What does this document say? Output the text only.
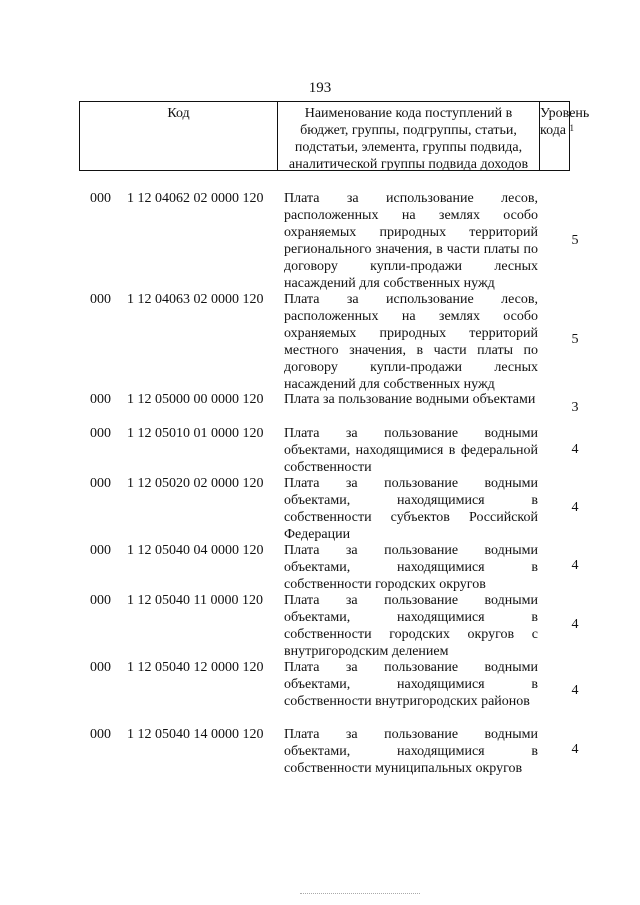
193
Код	Наименование кода поступлений в
бюджет, группы, подгруппы, статьи,
подстатьи, элемента, группы подвида,
аналитической группы подвида доходов
Уровень
кода $^1$
000 1 12 04062 02 0000 120 Плата за использование лесов, расположенных на землях особо охраняемых природных территорий регионального значения, в части платы по договору купли-продажи лесных насаждений для собственных нужд
5
000 1 12 04063 02 0000 120 Плата за использование лесов, расположенных на землях особо охраняемых природных территорий местного значения, в части платы по договору купли-продажи лесных насаждений для собственных нужд
5
000 1 12 05000 00 0000 120 Плата за пользование водными объектами
3
000 1 12 05010 01 0000 120 Плата за пользование водными объектами, находящимися в федеральной собственности
4
000 1 12 05020 02 0000 120 Плата за пользование водными объектами, находящимися в собственности субъектов Российской Федерации
4
000 1 12 05040 04 0000 120 Плата за пользование водными объектами, находящимися в собственности городских округов
4
000 1 12 05040 11 0000 120 Плата за пользование водными объектами, находящимися в собственности городских округов с внутригородским делением
4
000 1 12 05040 12 0000 120 Плата за пользование водными объектами, находящимися в собственности внутригородских районов
4
000 1 12 05040 14 0000 120 Плата за пользование водными объектами, находящимися в собственности муниципальных округов
4
